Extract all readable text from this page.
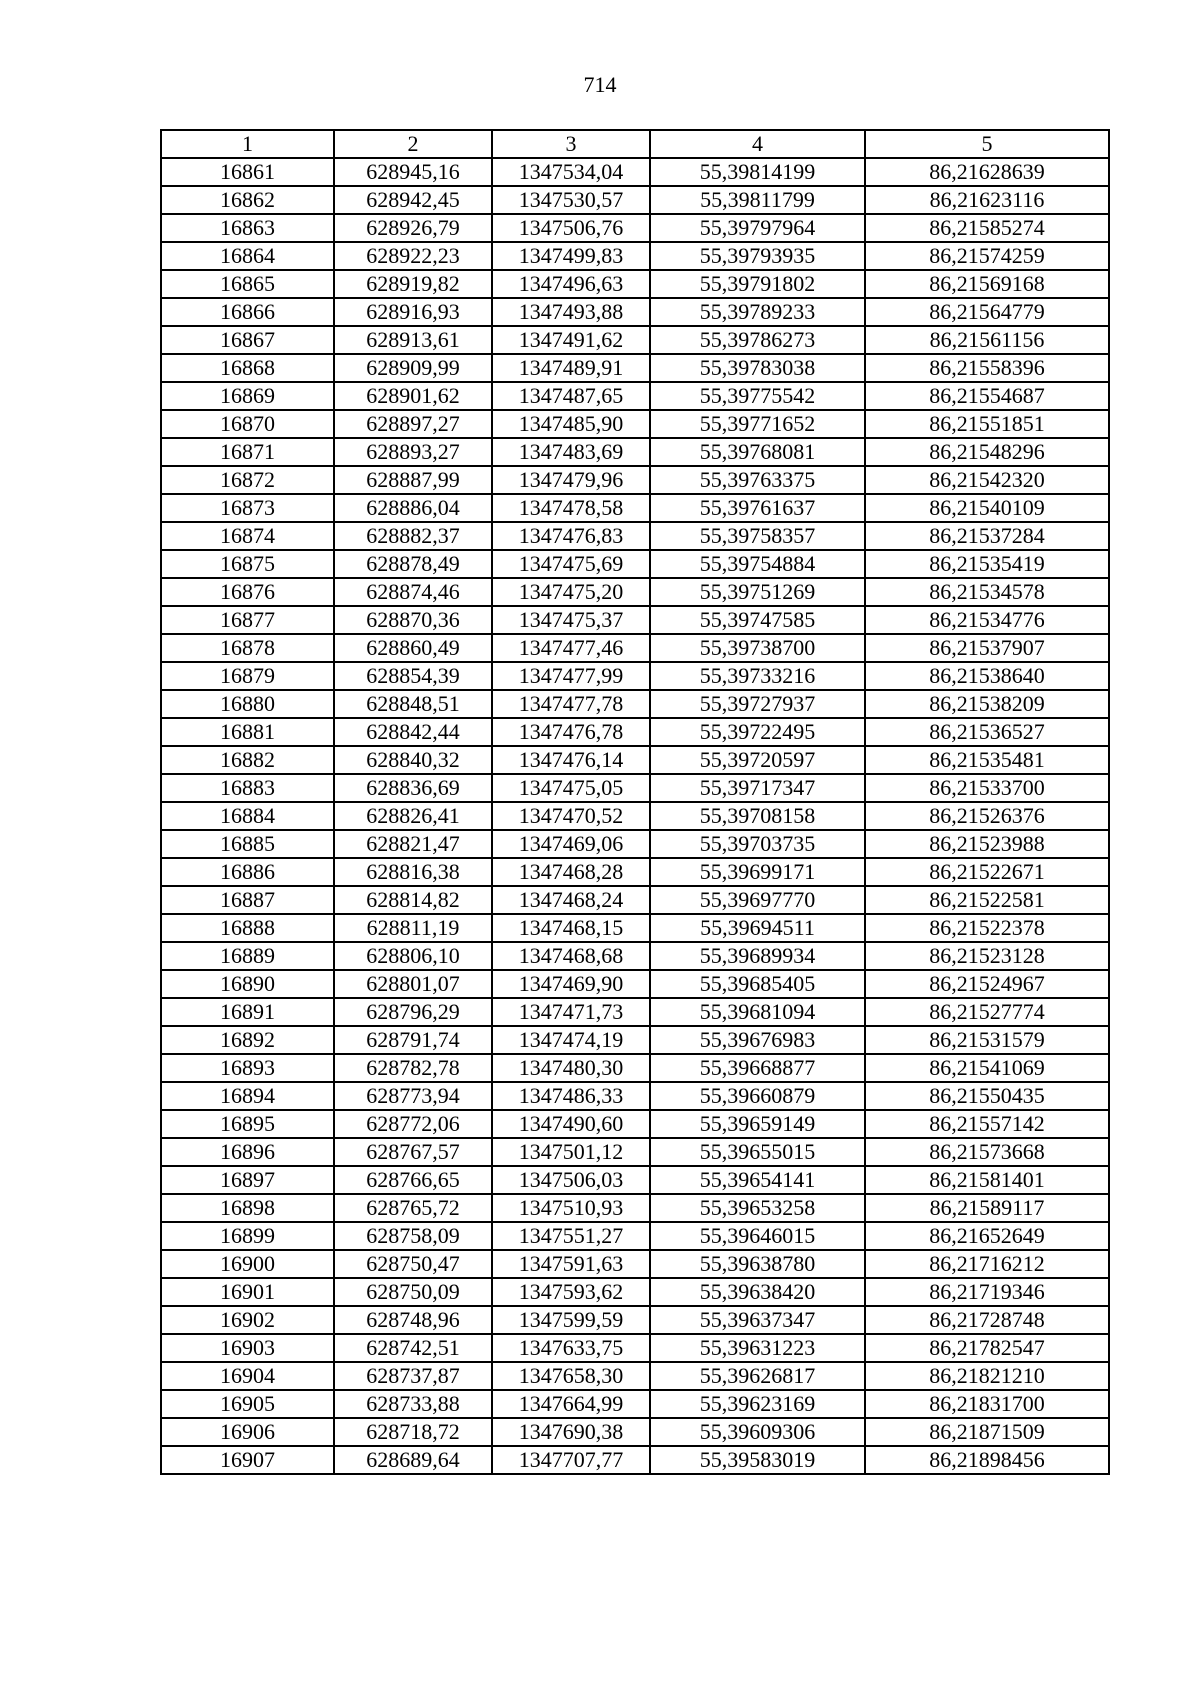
714
1	2	3	4	5
16861	628945,16	1347534,04	55,39814199	86,21628639
16862	628942,45	1347530,57	55,39811799	86,21623116
16863	628926,79	1347506,76	55,39797964	86,21585274
16864	628922,23	1347499,83	55,39793935	86,21574259
16865	628919,82	1347496,63	55,39791802	86,21569168
16866	628916,93	1347493,88	55,39789233	86,21564779
16867	628913,61	1347491,62	55,39786273	86,21561156
16868	628909,99	1347489,91	55,39783038	86,21558396
16869	628901,62	1347487,65	55,39775542	86,21554687
16870	628897,27	1347485,90	55,39771652	86,21551851
16871	628893,27	1347483,69	55,39768081	86,21548296
16872	628887,99	1347479,96	55,39763375	86,21542320
16873	628886,04	1347478,58	55,39761637	86,21540109
16874	628882,37	1347476,83	55,39758357	86,21537284
16875	628878,49	1347475,69	55,39754884	86,21535419
16876	628874,46	1347475,20	55,39751269	86,21534578
16877	628870,36	1347475,37	55,39747585	86,21534776
16878	628860,49	1347477,46	55,39738700	86,21537907
16879	628854,39	1347477,99	55,39733216	86,21538640
16880	628848,51	1347477,78	55,39727937	86,21538209
16881	628842,44	1347476,78	55,39722495	86,21536527
16882	628840,32	1347476,14	55,39720597	86,21535481
16883	628836,69	1347475,05	55,39717347	86,21533700
16884	628826,41	1347470,52	55,39708158	86,21526376
16885	628821,47	1347469,06	55,39703735	86,21523988
16886	628816,38	1347468,28	55,39699171	86,21522671
16887	628814,82	1347468,24	55,39697770	86,21522581
16888	628811,19	1347468,15	55,39694511	86,21522378
16889	628806,10	1347468,68	55,39689934	86,21523128
16890	628801,07	1347469,90	55,39685405	86,21524967
16891	628796,29	1347471,73	55,39681094	86,21527774
16892	628791,74	1347474,19	55,39676983	86,21531579
16893	628782,78	1347480,30	55,39668877	86,21541069
16894	628773,94	1347486,33	55,39660879	86,21550435
16895	628772,06	1347490,60	55,39659149	86,21557142
16896	628767,57	1347501,12	55,39655015	86,21573668
16897	628766,65	1347506,03	55,39654141	86,21581401
16898	628765,72	1347510,93	55,39653258	86,21589117
16899	628758,09	1347551,27	55,39646015	86,21652649
16900	628750,47	1347591,63	55,39638780	86,21716212
16901	628750,09	1347593,62	55,39638420	86,21719346
16902	628748,96	1347599,59	55,39637347	86,21728748
16903	628742,51	1347633,75	55,39631223	86,21782547
16904	628737,87	1347658,30	55,39626817	86,21821210
16905	628733,88	1347664,99	55,39623169	86,21831700
16906	628718,72	1347690,38	55,39609306	86,21871509
16907	628689,64	1347707,77	55,39583019	86,21898456
